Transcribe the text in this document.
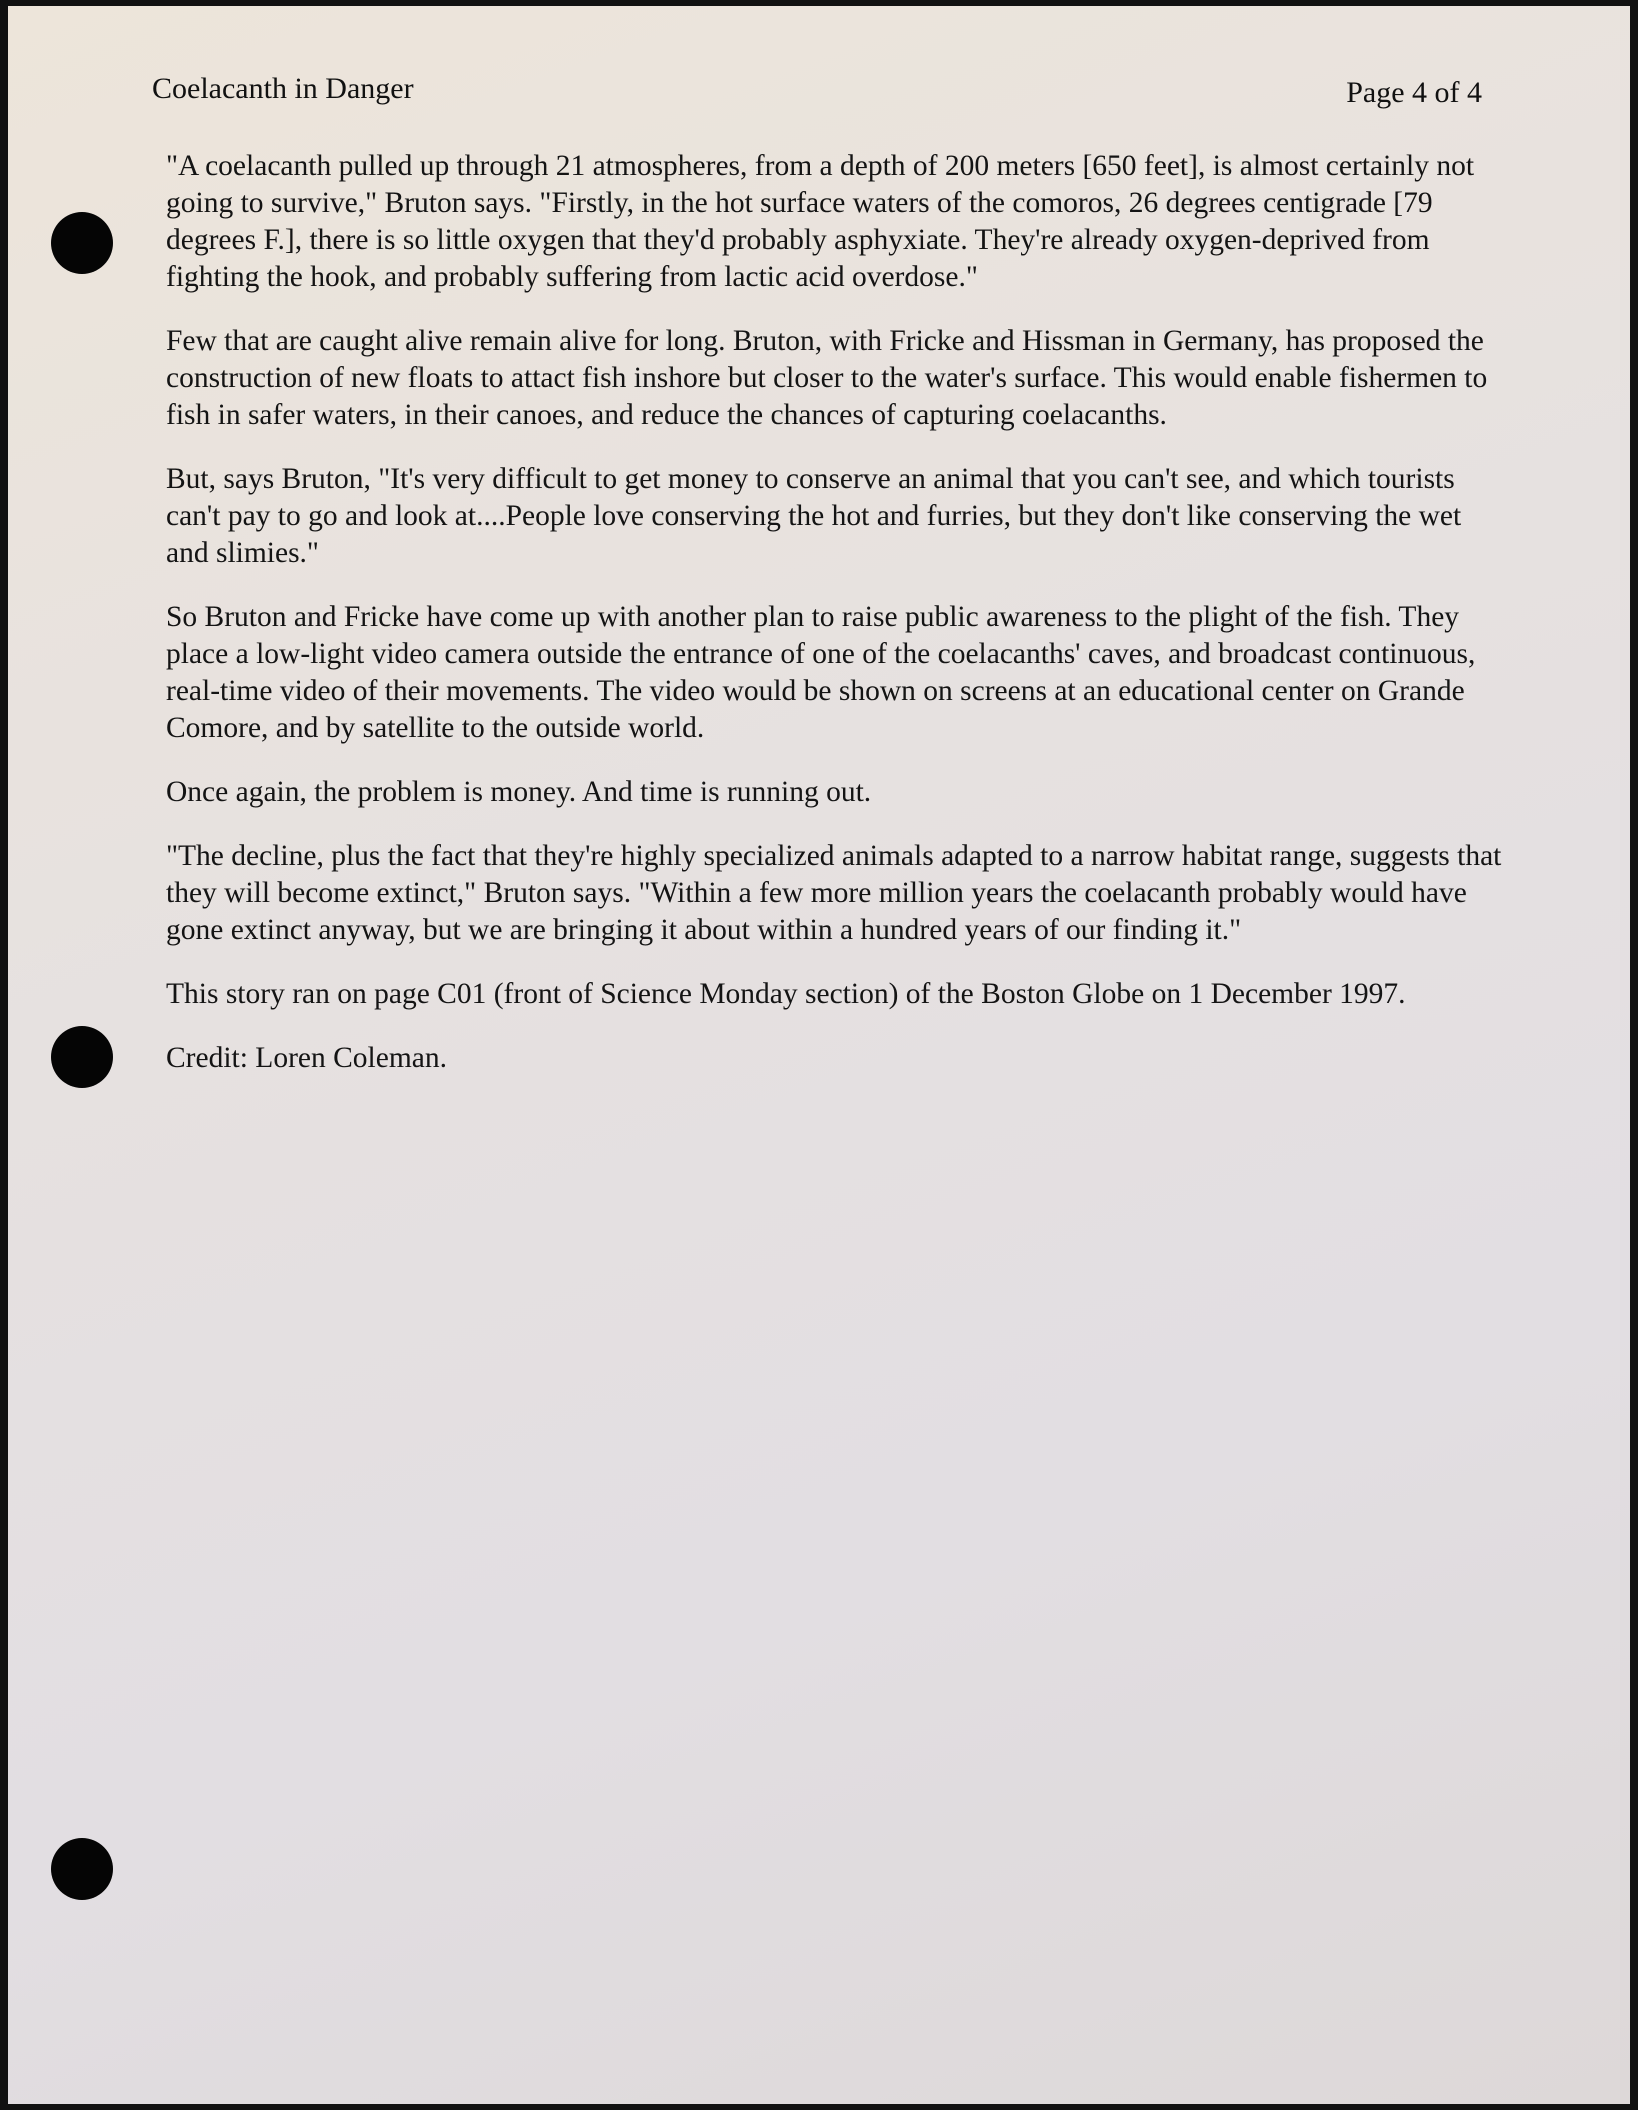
Coelacanth in Danger	Page 4 of 4

"A coelacanth pulled up through 21 atmospheres, from a depth of 200 meters [650 feet], is almost certainly not going to survive," Bruton says. "Firstly, in the hot surface waters of the comoros, 26 degrees centigrade [79 degrees F.], there is so little oxygen that they'd probably asphyxiate. They're already oxygen-deprived from fighting the hook, and probably suffering from lactic acid overdose."

Few that are caught alive remain alive for long. Bruton, with Fricke and Hissman in Germany, has proposed the construction of new floats to attact fish inshore but closer to the water's surface. This would enable fishermen to fish in safer waters, in their canoes, and reduce the chances of capturing coelacanths.

But, says Bruton, "It's very difficult to get money to conserve an animal that you can't see, and which tourists can't pay to go and look at....People love conserving the hot and furries, but they don't like conserving the wet and slimies."

So Bruton and Fricke have come up with another plan to raise public awareness to the plight of the fish. They place a low-light video camera outside the entrance of one of the coelacanths' caves, and broadcast continuous, real-time video of their movements. The video would be shown on screens at an educational center on Grande Comore, and by satellite to the outside world.

Once again, the problem is money. And time is running out.

"The decline, plus the fact that they're highly specialized animals adapted to a narrow habitat range, suggests that they will become extinct," Bruton says. "Within a few more million years the coelacanth probably would have gone extinct anyway, but we are bringing it about within a hundred years of our finding it."

This story ran on page C01 (front of Science Monday section) of the Boston Globe on 1 December 1997.

Credit: Loren Coleman.
